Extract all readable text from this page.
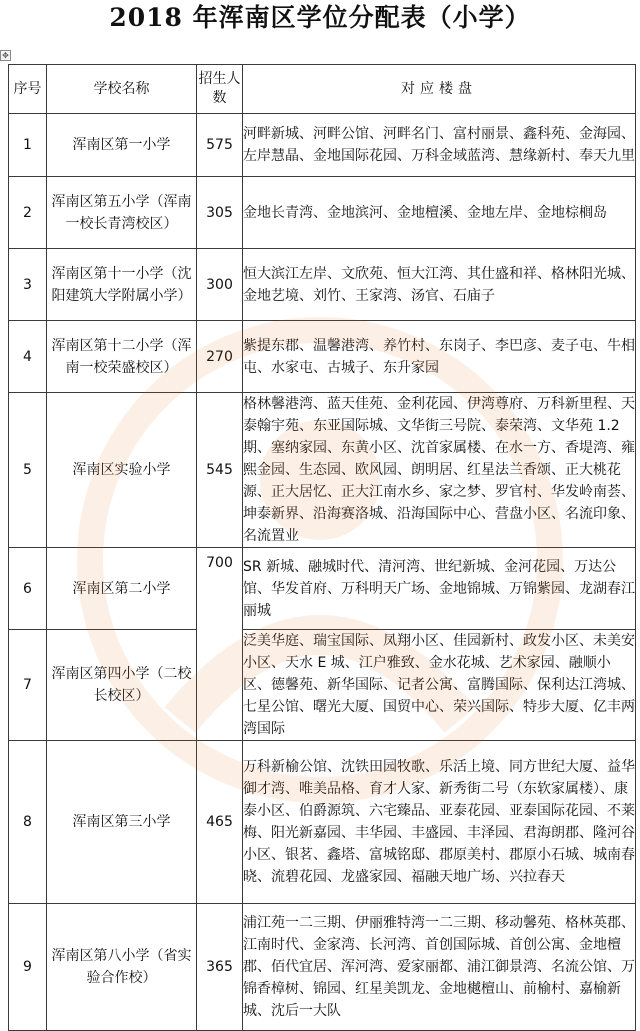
2018 年浑南区学位分配表（小学）
✥
序号	学校名称	招生人数	对应楼盘
1	浑南区第一小学	575	河畔新城、河畔公馆、河畔名门、富村丽景、鑫科苑、金海园、左岸慧晶、金地国际花园、万科金域蓝湾、慧缘新村、奉天九里
2	浑南区第五小学（浑南一校长青湾校区）	305	金地长青湾、金地滨河、金地檀溪、金地左岸、金地棕榈岛
3	浑南区第十一小学（沈阳建筑大学附属小学）	300	恒大滨江左岸、文欣苑、恒大江湾、其仕盛和祥、格林阳光城、金地艺境、刘竹、王家湾、汤官、石庙子
4	浑南区第十二小学（浑南一校荣盛校区）	270	紫提东郡、温馨港湾、养竹村、东岗子、李巴彦、麦子屯、牛相屯、水家屯、古城子、东升家园
5	浑南区实验小学	545	格林馨港湾、蓝天佳苑、金利花园、伊湾尊府、万科新里程、天泰翰宇苑、东亚国际城、文华街三号院、泰荣湾、文华苑 1.2 期、塞纳家园、东黄小区、沈首家属楼、在水一方、香堤湾、雍熙金园、生态园、欧风园、朗明居、红星法兰香颂、正大桃花源、正大居忆、正大江南水乡、家之梦、罗官村、华发岭南荟、坤泰新界、沿海赛洛城、沿海国际中心、营盘小区、名流印象、名流置业
6	浑南区第二小学	700	SR 新城、融城时代、清河湾、世纪新城、金河花园、万达公馆、华发首府、万科明天广场、金地锦城、万锦紫园、龙湖春江丽城
7	浑南区第四小学（二校长校区）		泛美华庭、瑞宝国际、凤翔小区、佳园新村、政发小区、未美安小区、天水 E 城、江户雅致、金水花城、艺术家园、融顺小区、德馨苑、新华国际、记者公寓、富腾国际、保利达江湾城、七星公馆、曙光大厦、国贸中心、荣兴国际、特步大厦、亿丰两湾国际
8	浑南区第三小学	465	万科新榆公馆、沈铁田园牧歌、乐活上境、同方世纪大厦、益华御才湾、唯美品格、育才人家、新秀街二号（东软家属楼）、康泰小区、伯爵源筑、六宅臻品、亚泰花园、亚泰国际花园、不莱梅、阳光新嘉园、丰华园、丰盛园、丰泽园、君海朗郡、隆河谷小区、银茗、鑫塔、富城铭邸、郡原美村、郡原小石城、城南春晓、流碧花园、龙盛家园、福融天地广场、兴拉春天
9	浑南区第八小学（省实验合作校）	365	浦江苑一二三期、伊丽雅特湾一二三期、移动馨苑、格林英郡、江南时代、金家湾、长河湾、首创国际城、首创公寓、金地檀郡、佰代宜居、浑河湾、爱家丽都、浦江御景湾、名流公馆、万锦香樟树、锦园、红星美凯龙、金地樾檀山、前榆村、嘉榆新城、沈后一大队
